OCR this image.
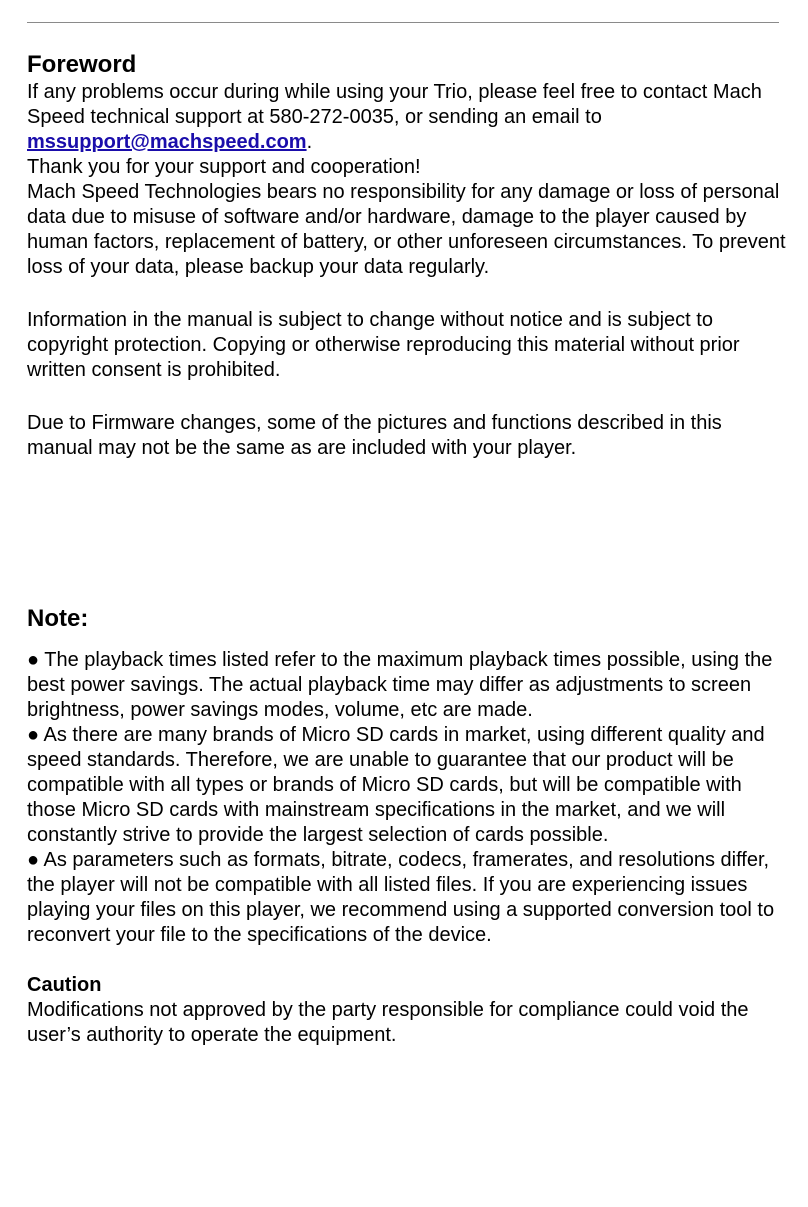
Foreword

If any problems occur during while using your Trio, please feel free to contact Mach Speed technical support at 580-272-0035, or sending an email to mssupport@machspeed.com.

Thank you for your support and cooperation!

Mach Speed Technologies bears no responsibility for any damage or loss of personal data due to misuse of software and/or hardware, damage to the player caused by human factors, replacement of battery, or other unforeseen circumstances. To prevent loss of your data, please backup your data regularly.

Information in the manual is subject to change without notice and is subject to copyright protection. Copying or otherwise reproducing this material without prior written consent is prohibited.

Due to Firmware changes, some of the pictures and functions described in this manual may not be the same as are included with your player.

Note:

● The playback times listed refer to the maximum playback times possible, using the best power savings. The actual playback time may differ as adjustments to screen brightness, power savings modes, volume, etc are made.

● As there are many brands of Micro SD cards in market, using different quality and speed standards. Therefore, we are unable to guarantee that our product will be compatible with all types or brands of Micro SD cards, but will be compatible with those Micro SD cards with mainstream specifications in the market, and we will constantly strive to provide the largest selection of cards possible.

● As parameters such as formats, bitrate, codecs, framerates, and resolutions differ, the player will not be compatible with all listed files. If you are experiencing issues playing your files on this player, we recommend using a supported conversion tool to reconvert your file to the specifications of the device.

Caution

Modifications not approved by the party responsible for compliance could void the user’s authority to operate the equipment.
